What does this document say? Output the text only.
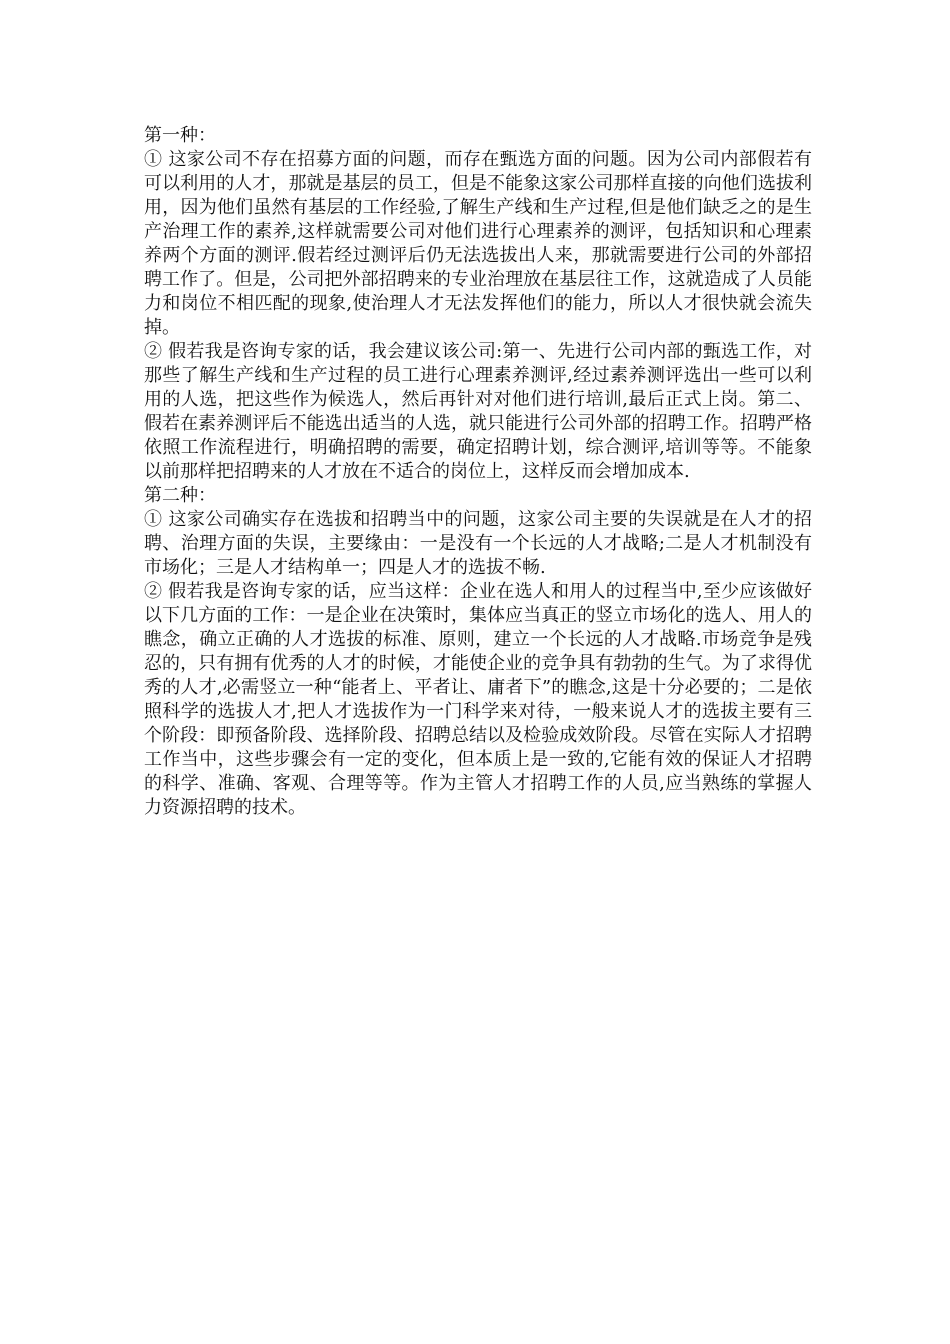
第一种：

① 这家公司不存在招募方面的问题，而存在甄选方面的问题。因为公司内部假若有可以利用的人才，那就是基层的员工，但是不能象这家公司那样直接的向他们选拔利用，因为他们虽然有基层的工作经验,了解生产线和生产过程,但是他们缺乏之的是生产治理工作的素养,这样就需要公司对他们进行心理素养的测评，包括知识和心理素养两个方面的测评.假若经过测评后仍无法选拔出人来，那就需要进行公司的外部招聘工作了。但是，公司把外部招聘来的专业治理放在基层往工作，这就造成了人员能力和岗位不相匹配的现象,使治理人才无法发挥他们的能力，所以人才很快就会流失掉。

② 假若我是咨询专家的话，我会建议该公司:第一、先进行公司内部的甄选工作，对那些了解生产线和生产过程的员工进行心理素养测评,经过素养测评选出一些可以利用的人选，把这些作为候选人，然后再针对对他们进行培训,最后正式上岗。第二、假若在素养测评后不能选出适当的人选，就只能进行公司外部的招聘工作。招聘严格依照工作流程进行，明确招聘的需要，确定招聘计划，综合测评,培训等等。不能象以前那样把招聘来的人才放在不适合的岗位上，这样反而会增加成本.

第二种：

① 这家公司确实存在选拔和招聘当中的问题，这家公司主要的失误就是在人才的招聘、治理方面的失误，主要缘由：一是没有一个长远的人才战略;二是人才机制没有市场化；三是人才结构单一；四是人才的选拔不畅.

② 假若我是咨询专家的话，应当这样：企业在选人和用人的过程当中,至少应该做好以下几方面的工作：一是企业在决策时，集体应当真正的竖立市场化的选人、用人的瞧念，确立正确的人才选拔的标准、原则，建立一个长远的人才战略.市场竞争是残忍的，只有拥有优秀的人才的时候，才能使企业的竞争具有勃勃的生气。为了求得优秀的人才,必需竖立一种“能者上、平者让、庸者下”的瞧念,这是十分必要的；二是依照科学的选拔人才,把人才选拔作为一门科学来对待，一般来说人才的选拔主要有三个阶段：即预备阶段、选择阶段、招聘总结以及检验成效阶段。尽管在实际人才招聘工作当中，这些步骤会有一定的变化，但本质上是一致的,它能有效的保证人才招聘的科学、准确、客观、合理等等。作为主管人才招聘工作的人员,应当熟练的掌握人力资源招聘的技术。
